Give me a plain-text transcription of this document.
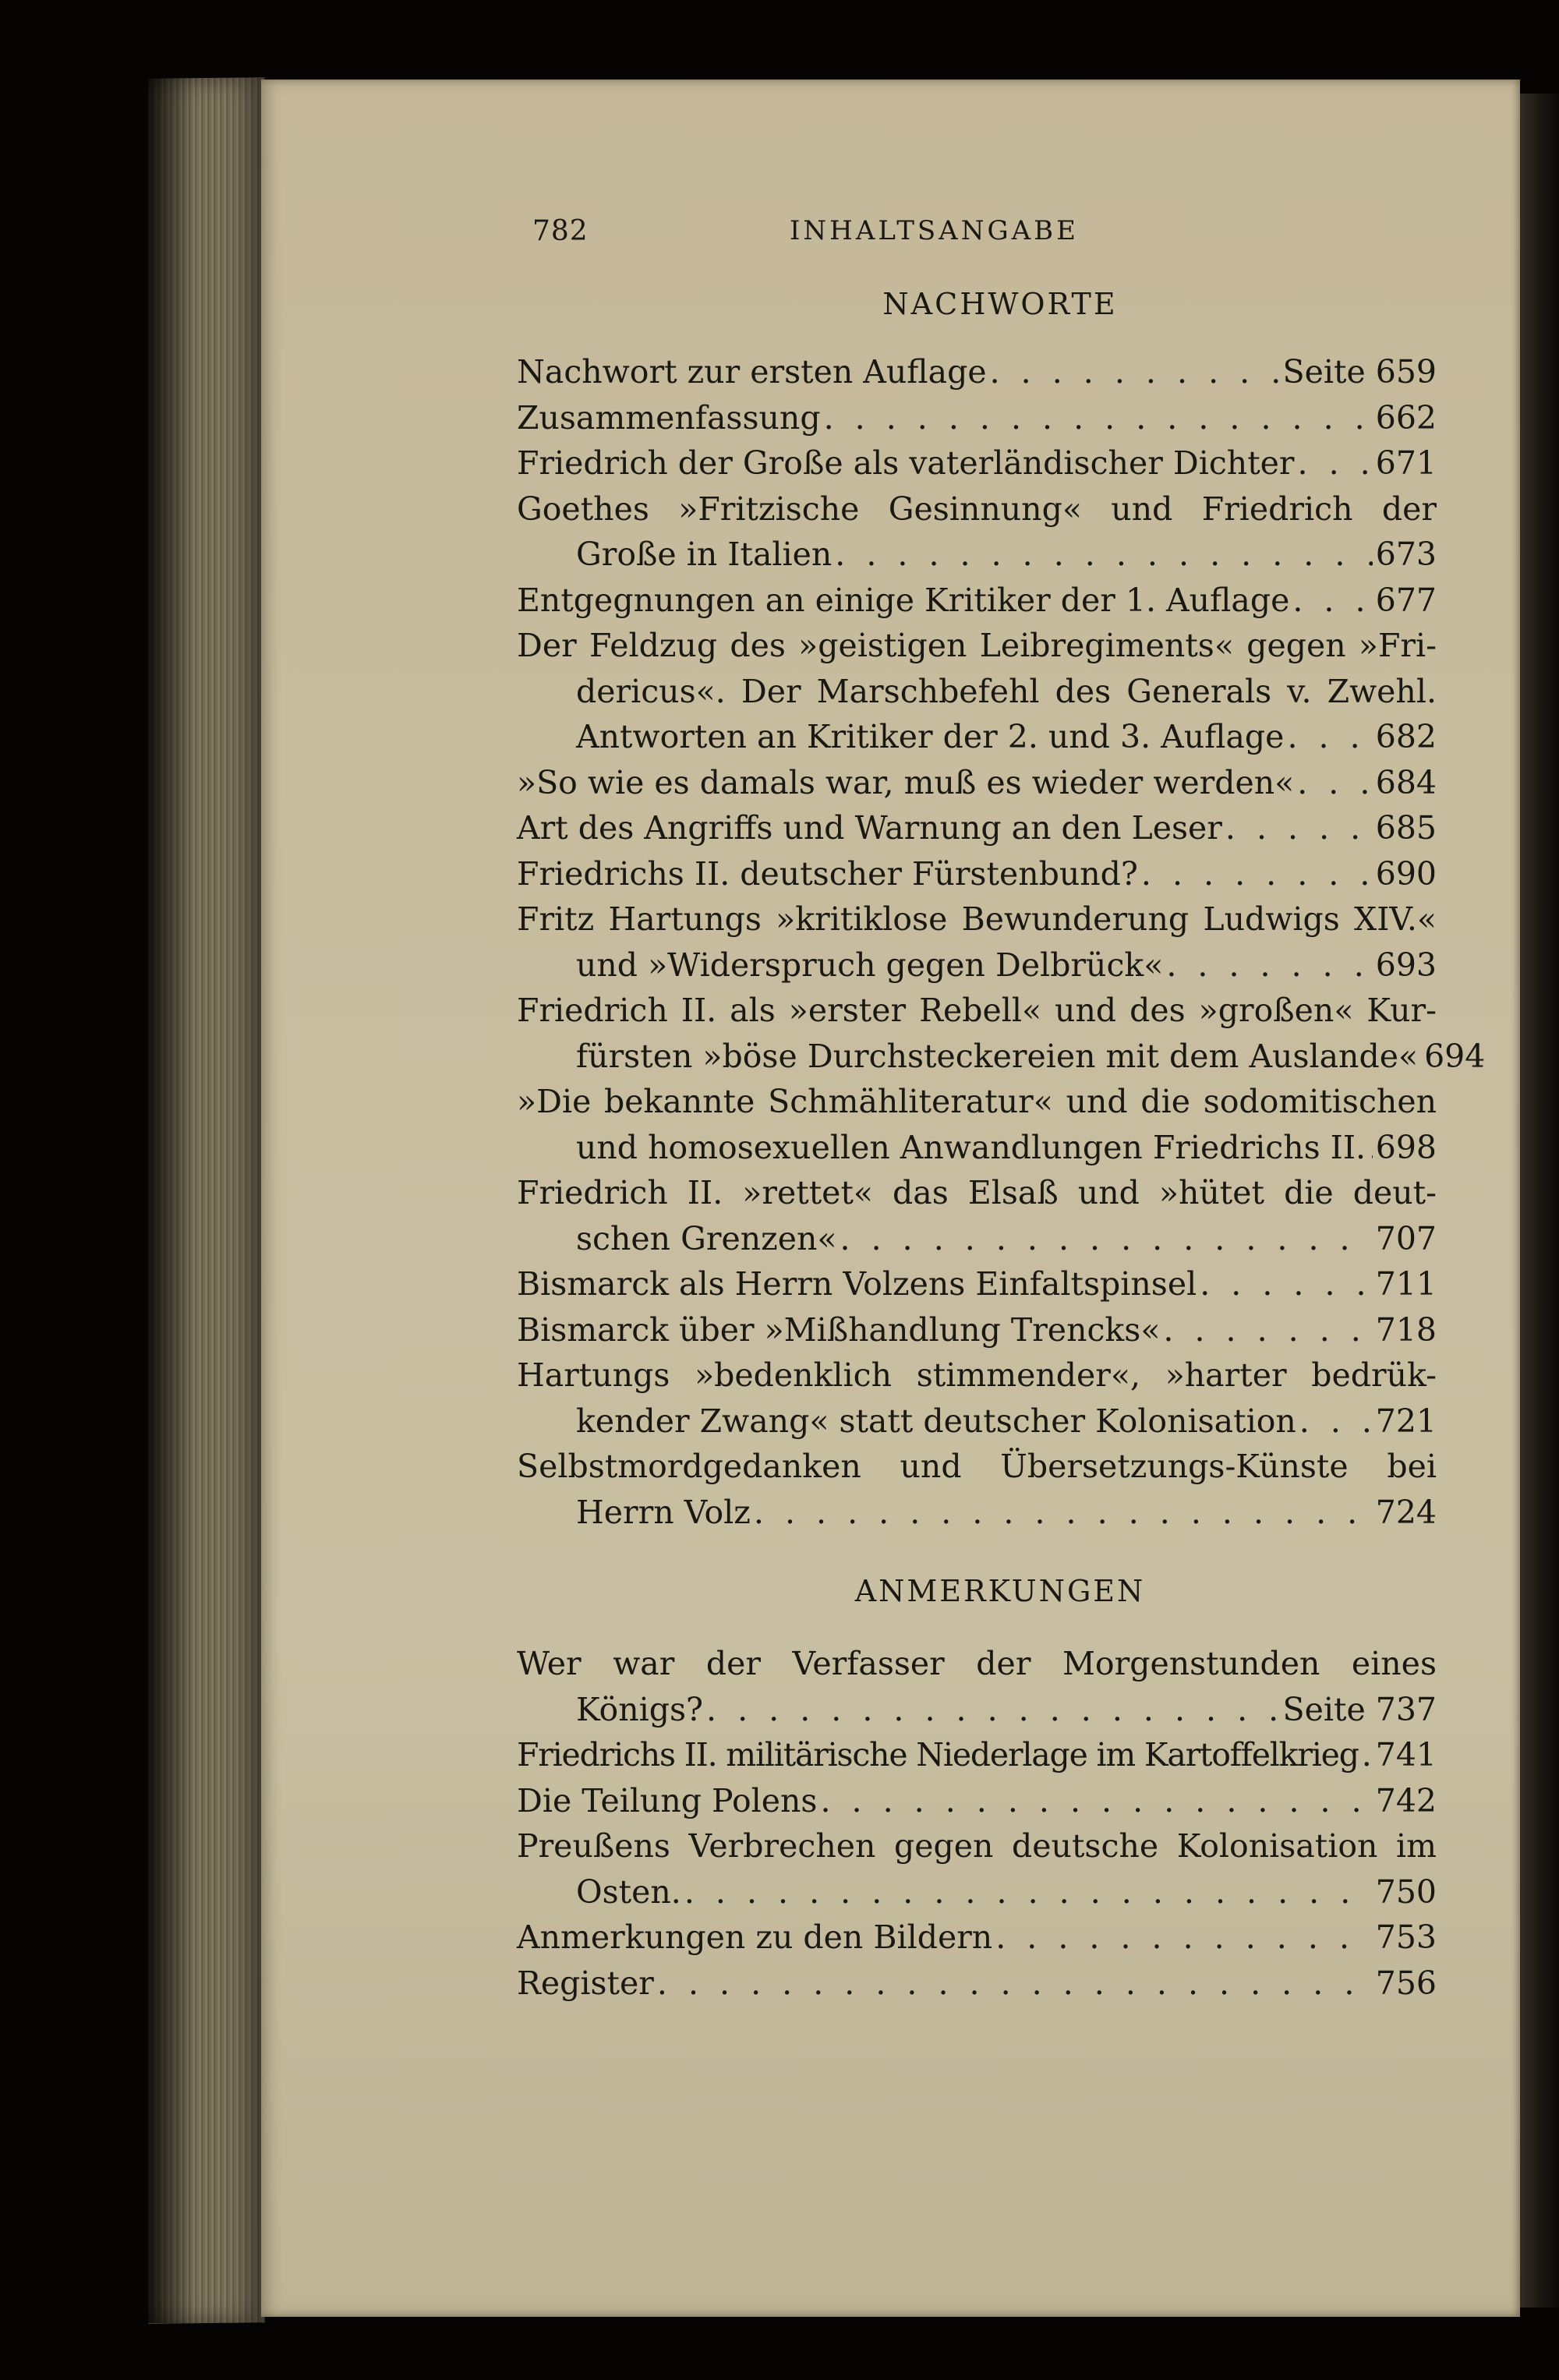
782	INHALTSANGABE
NACHWORTE
Nachwort zur ersten Auflage . . .	Seite 659
Zusammenfassung . . .	662
Friedrich der Große als vaterländischer Dichter . . .	671
Goethes »Fritzische Gesinnung« und Friedrich der
Große in Italien . . .	673
Entgegnungen an einige Kritiker der 1. Auflage . . .	677
Der Feldzug des »geistigen Leibregiments« gegen »Fri-
dericus«. Der Marschbefehl des Generals v. Zwehl.
Antworten an Kritiker der 2. und 3. Auflage . . .	682
»So wie es damals war, muß es wieder werden« . . .	684
Art des Angriffs und Warnung an den Leser . . .	685
Friedrichs II. deutscher Fürstenbund? . . .	690
Fritz Hartungs »kritiklose Bewunderung Ludwigs XIV.«
und »Widerspruch gegen Delbrück« . . .	693
Friedrich II. als »erster Rebell« und des »großen« Kur-
fürsten »böse Durchsteckereien mit dem Auslande« 694
»Die bekannte Schmähliteratur« und die sodomitischen
und homosexuellen Anwandlungen Friedrichs II. . . . 698
Friedrich II. »rettet« das Elsaß und »hütet die deut-
schen Grenzen« . . .	707
Bismarck als Herrn Volzens Einfaltspinsel . . .	711
Bismarck über »Mißhandlung Trencks« . . .	718
Hartungs »bedenklich stimmender«, »harter bedrük-
kender Zwang« statt deutscher Kolonisation . . . 721
Selbstmordgedanken und Übersetzungs-Künste bei
Herrn Volz . . .	724
ANMERKUNGEN
Wer war der Verfasser der Morgenstunden eines
Königs? . . .	Seite 737
Friedrichs II. militärische Niederlage im Kartoffelkrieg . . . 741
Die Teilung Polens . . .	742
Preußens Verbrechen gegen deutsche Kolonisation im
Osten. . . .	750
Anmerkungen zu den Bildern . . .	753
Register . . .	756
